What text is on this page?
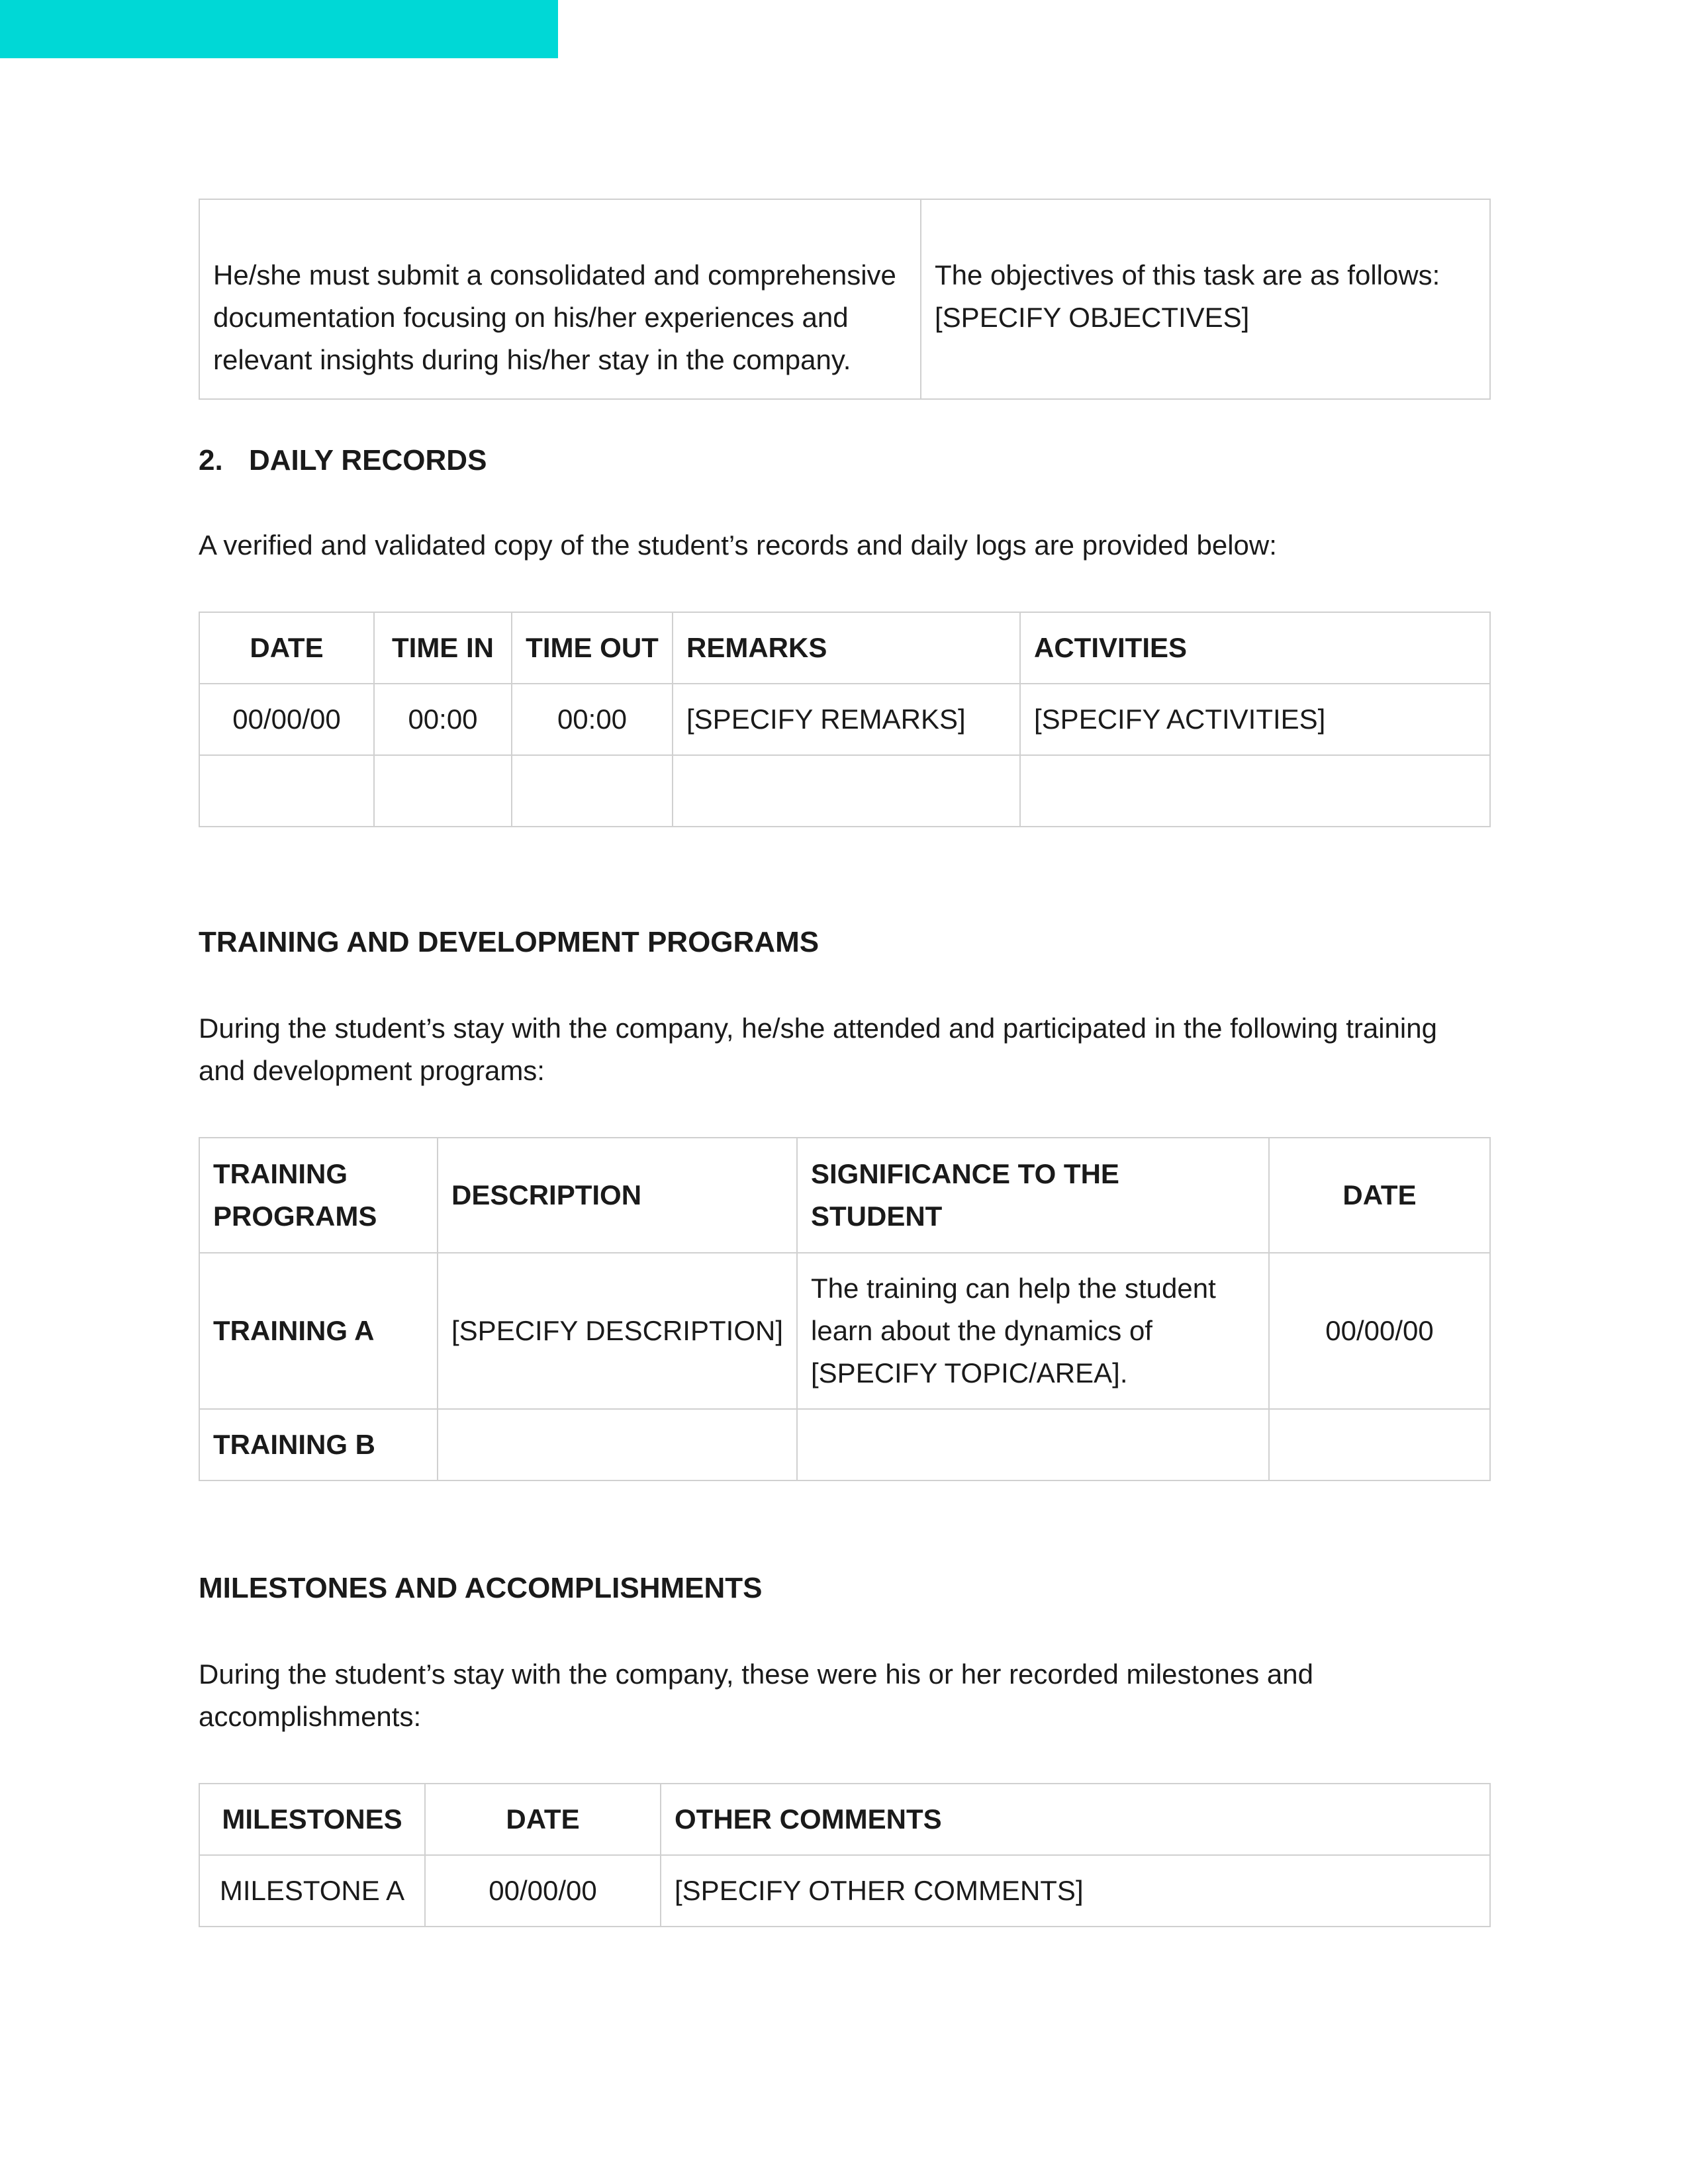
He/she must submit a consolidated and comprehensive documentation focusing on his/her experiences and relevant insights during his/her stay in the company.	
The objectives of this task are as follows:
[SPECIFY OBJECTIVES]
2. DAILY RECORDS

A verified and validated copy of the student’s records and daily logs are provided below:

DATE	TIME IN	TIME OUT	REMARKS	ACTIVITIES
00/00/00	00:00	00:00	[SPECIFY REMARKS]	[SPECIFY ACTIVITIES]

TRAINING AND DEVELOPMENT PROGRAMS

During the student’s stay with the company, he/she attended and participated in the following training and development programs:

TRAINING PROGRAMS	DESCRIPTION	SIGNIFICANCE TO THE STUDENT	DATE
TRAINING A	[SPECIFY DESCRIPTION]	The training can help the student learn about the dynamics of [SPECIFY TOPIC/AREA].	00/00/00
TRAINING B			
MILESTONES AND ACCOMPLISHMENTS

During the student’s stay with the company, these were his or her recorded milestones and accomplishments:

MILESTONES	DATE	OTHER COMMENTS
MILESTONE A	00/00/00	[SPECIFY OTHER COMMENTS]
